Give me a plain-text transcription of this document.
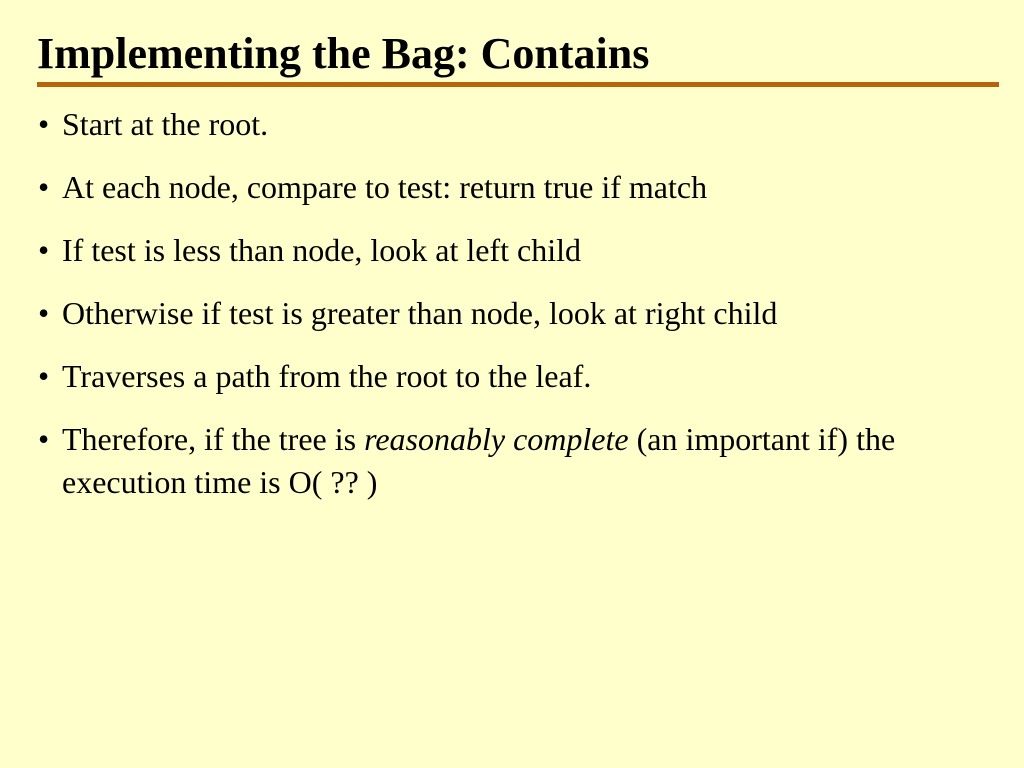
Implementing the Bag: Contains
• Start at the root.
• At each node, compare to test: return true if match
• If test is less than node, look at left child
• Otherwise if test is greater than node, look at right child
• Traverses a path from the root to the leaf.
• Therefore, if the tree is reasonably complete (an important if) the execution time is O( ?? )
